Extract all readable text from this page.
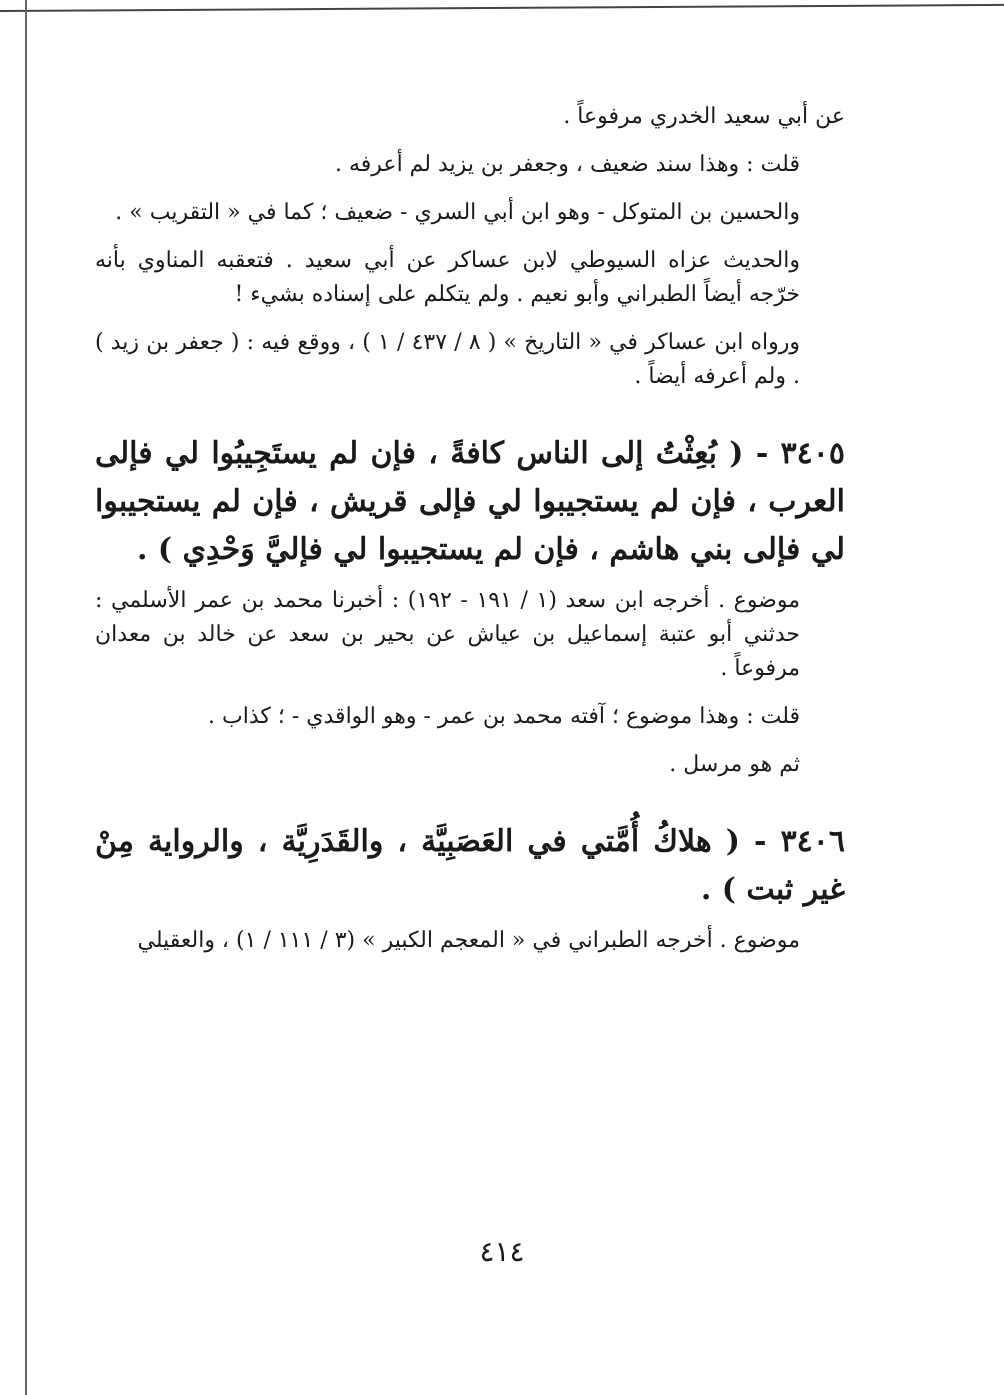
عن أبي سعيد الخدري مرفوعاً .

قلت : وهذا سند ضعيف ، وجعفر بن يزيد لم أعرفه .

والحسين بن المتوكل - وهو ابن أبي السري - ضعيف ؛ كما في « التقريب » .

والحديث عزاه السيوطي لابن عساكر عن أبي سعيد . فتعقبه المناوي بأنه خرّجه أيضاً الطبراني وأبو نعيم . ولم يتكلم على إسناده بشيء !

ورواه ابن عساكر في « التاريخ » ( ٨ / ٤٣٧ / ١ ) ، ووقع فيه : ( جعفر بن زيد ) . ولم أعرفه أيضاً .

٣٤٠٥ - ( بُعِثْتُ إلى الناس كافةً ، فإن لم يستَجِيبُوا لي فإلى العرب ، فإن لم يستجيبوا لي فإلى قريش ، فإن لم يستجيبوا لي فإلى بني هاشم ، فإن لم يستجيبوا لي فإليَّ وَحْدِي ) .

موضوع . أخرجه ابن سعد (١ / ١٩١ - ١٩٢) : أخبرنا محمد بن عمر الأسلمي : حدثني أبو عتبة إسماعيل بن عياش عن بحير بن سعد عن خالد بن معدان مرفوعاً .

قلت : وهذا موضوع ؛ آفته محمد بن عمر - وهو الواقدي - ؛ كذاب .

ثم هو مرسل .

٣٤٠٦ - ( هلاكُ أُمَّتي في العَصَبِيَّة ، والقَدَرِيَّة ، والرواية مِنْ غير ثبت ) .

موضوع . أخرجه الطبراني في « المعجم الكبير » (٣ / ١١١ / ١) ، والعقيلي

٤١٤
